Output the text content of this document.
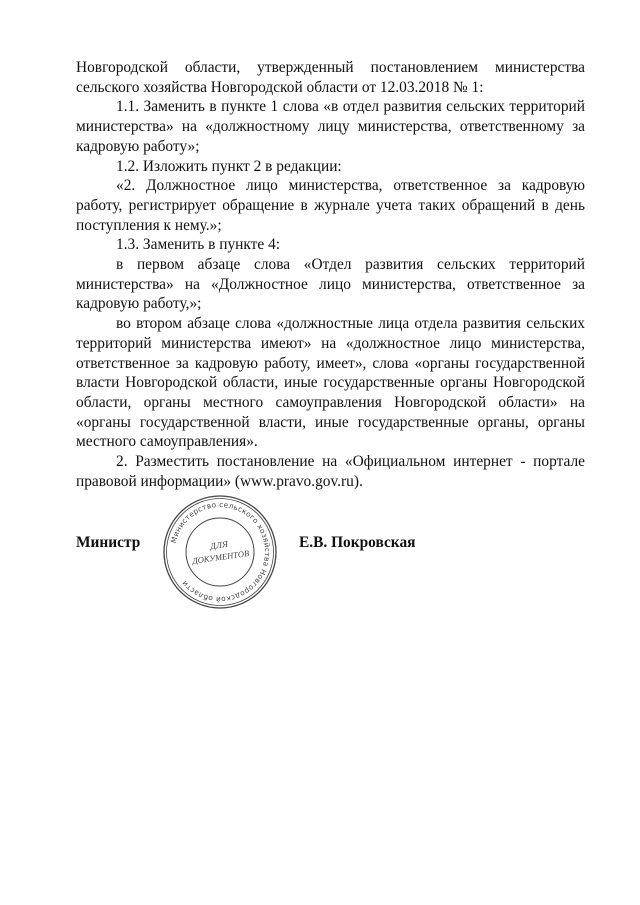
Новгородской области, утвержденный постановлением министерства сельского хозяйства Новгородской области от 12.03.2018 № 1:

1.1. Заменить в пункте 1 слова «в отдел развития сельских территорий министерства» на «должностному лицу министерства, ответственному за кадровую работу»;

1.2. Изложить пункт 2 в редакции:

«2. Должностное лицо министерства, ответственное за кадровую работу, регистрирует обращение в журнале учета таких обращений в день поступления к нему.»;

1.3. Заменить в пункте 4:

в первом абзаце слова «Отдел развития сельских территорий министерства» на «Должностное лицо министерства, ответственное за кадровую работу,»;

во втором абзаце слова «должностные лица отдела развития сельских территорий министерства имеют» на «должностное лицо министерства, ответственное за кадровую работу, имеет», слова «органы государственной власти Новгородской области, иные государственные органы Новгородской области, органы местного самоуправления Новгородской области» на «органы государственной власти, иные государственные органы, органы местного самоуправления».

2. Разместить постановление на «Официальном интернет - портале правовой информации» (www.pravo.gov.ru).

Министр	Министерство сельского хозяйства Новгородской области
ДЛЯ
ДОКУМЕНТОВ
Е.В. Покровская
